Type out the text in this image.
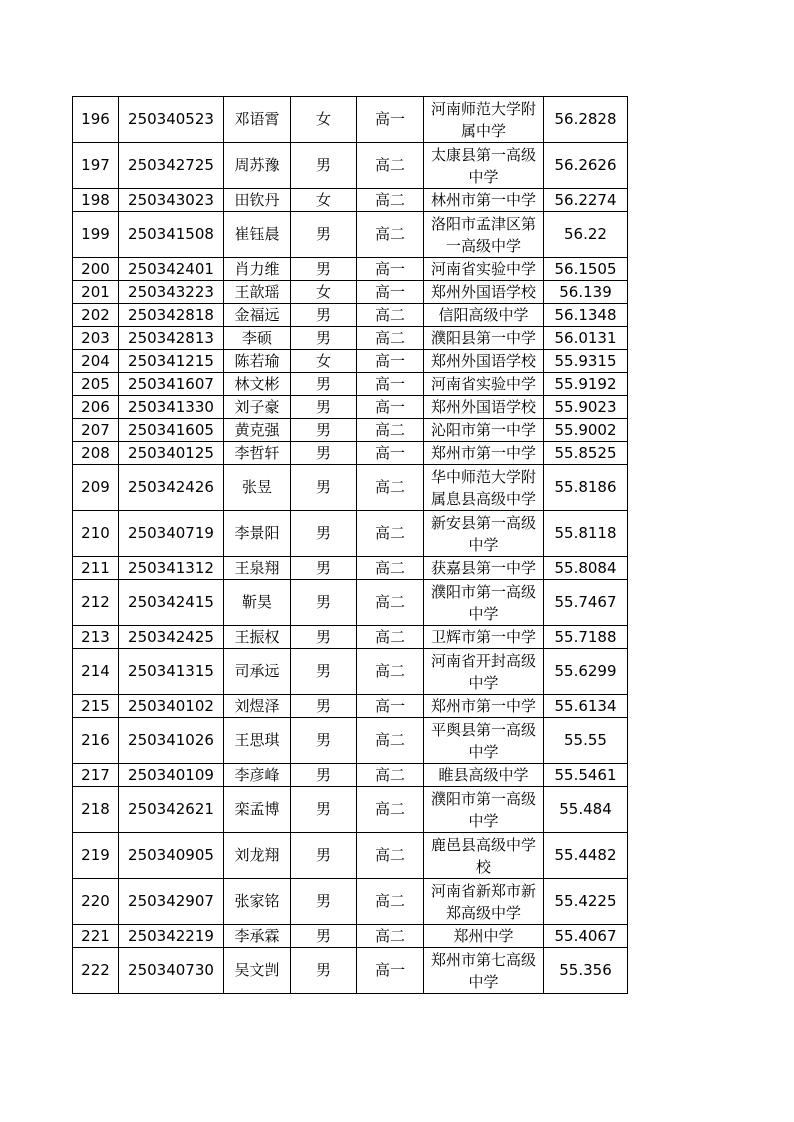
196	250340523	邓语霄	女	高一	河南师范大学附属中学	56.2828
197	250342725	周苏豫	男	高二	太康县第一高级中学	56.2626
198	250343023	田钦丹	女	高二	林州市第一中学	56.2274
199	250341508	崔钰晨	男	高二	洛阳市孟津区第一高级中学	56.22
200	250342401	肖力维	男	高一	河南省实验中学	56.1505
201	250343223	王歆瑶	女	高一	郑州外国语学校	56.139
202	250342818	金福远	男	高二	信阳高级中学	56.1348
203	250342813	李硕	男	高二	濮阳县第一中学	56.0131
204	250341215	陈若瑜	女	高一	郑州外国语学校	55.9315
205	250341607	林文彬	男	高一	河南省实验中学	55.9192
206	250341330	刘子豪	男	高一	郑州外国语学校	55.9023
207	250341605	黄克强	男	高二	沁阳市第一中学	55.9002
208	250340125	李哲轩	男	高一	郑州市第一中学	55.8525
209	250342426	张昱	男	高二	华中师范大学附属息县高级中学	55.8186
210	250340719	李景阳	男	高二	新安县第一高级中学	55.8118
211	250341312	王泉翔	男	高二	获嘉县第一中学	55.8084
212	250342415	靳昊	男	高二	濮阳市第一高级中学	55.7467
213	250342425	王振权	男	高二	卫辉市第一中学	55.7188
214	250341315	司承远	男	高二	河南省开封高级中学	55.6299
215	250340102	刘煜泽	男	高一	郑州市第一中学	55.6134
216	250341026	王思琪	男	高二	平舆县第一高级中学	55.55
217	250340109	李彦峰	男	高二	睢县高级中学	55.5461
218	250342621	栾孟博	男	高二	濮阳市第一高级中学	55.484
219	250340905	刘龙翔	男	高二	鹿邑县高级中学校	55.4482
220	250342907	张家铭	男	高二	河南省新郑市新郑高级中学	55.4225
221	250342219	李承霖	男	高二	郑州中学	55.4067
222	250340730	吴文剀	男	高一	郑州市第七高级中学	55.356
